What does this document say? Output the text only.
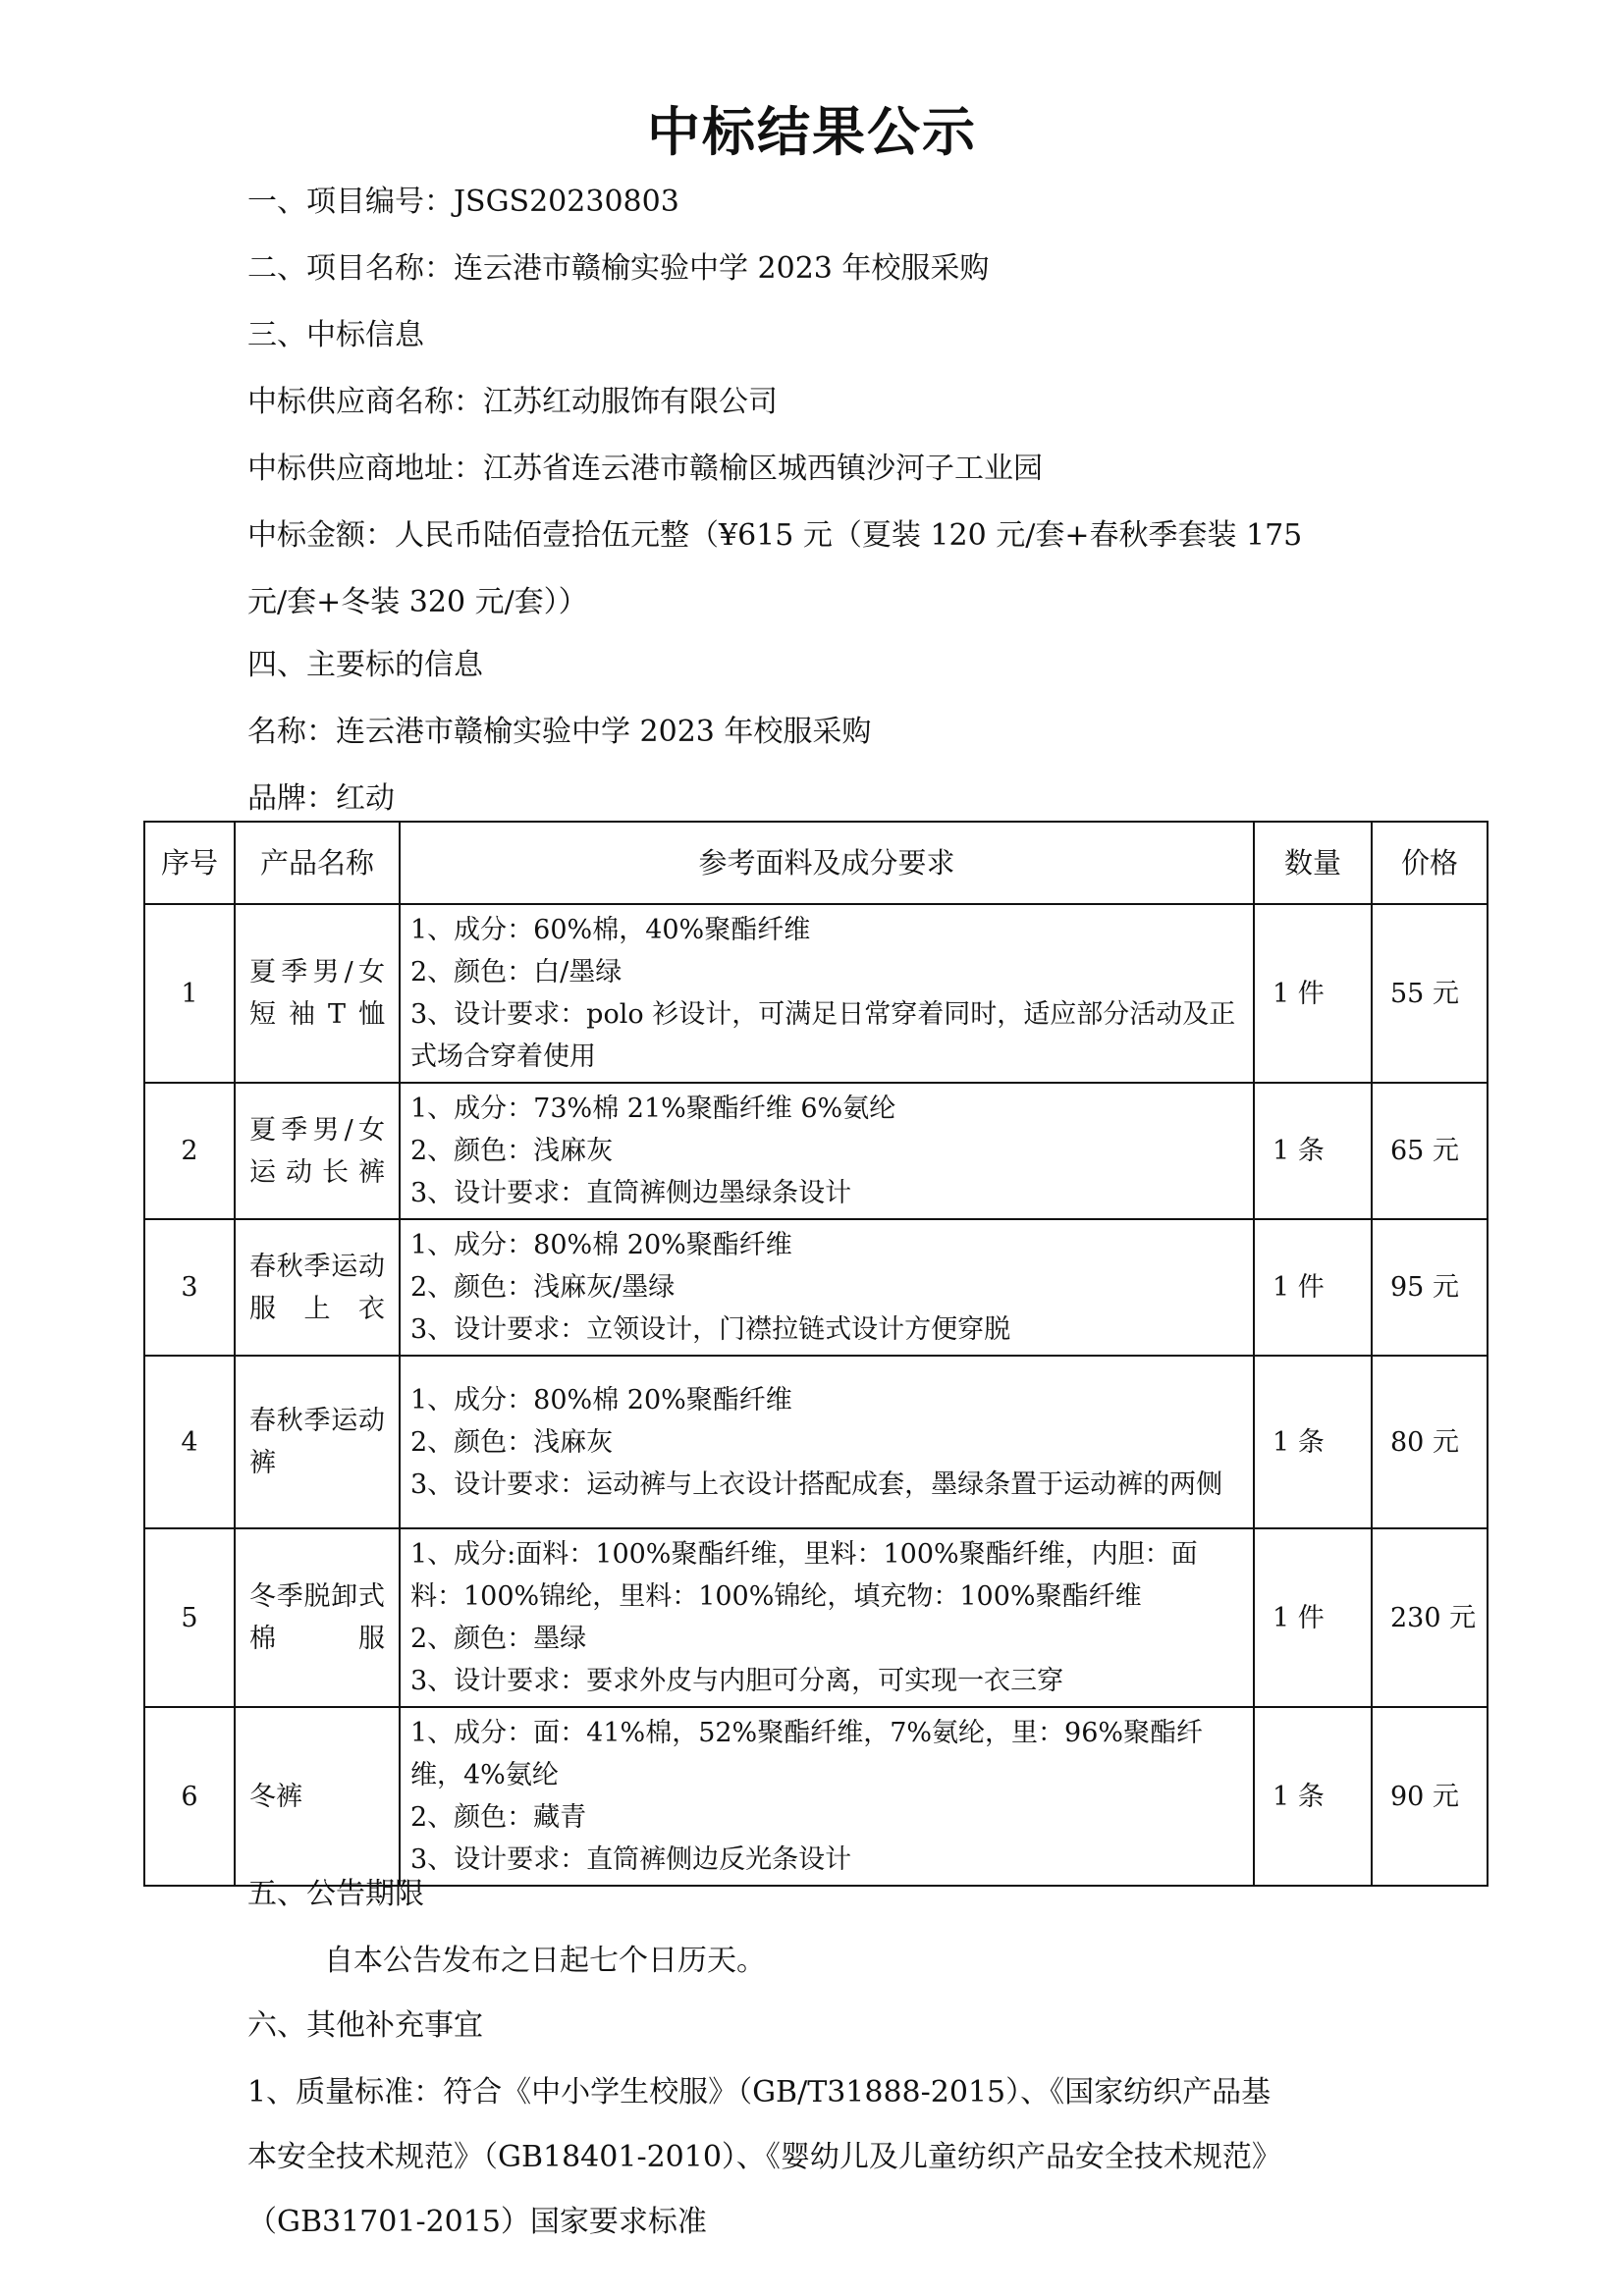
中标结果公示
一、项目编号：JSGS20230803
二、项目名称：连云港市赣榆实验中学 2023 年校服采购
三、中标信息
中标供应商名称：江苏红动服饰有限公司
中标供应商地址：江苏省连云港市赣榆区城西镇沙河子工业园
中标金额：人民币陆佰壹拾伍元整（¥615 元（夏装 120 元/套+春秋季套装 175
元/套+冬装 320 元/套））
四、主要标的信息
名称：连云港市赣榆实验中学 2023 年校服采购
品牌：红动
序号	产品名称	参考面料及成分要求	数量	价格
1	夏季男/女短袖T恤	1、成分：60%棉，40%聚酯纤维
2、颜色：白/墨绿
3、设计要求：polo 衫设计，可满足日常穿着同时，适应部分活动及正式场合穿着使用	1 件	55 元
2	夏季男/女运动长裤	1、成分：73%棉 21%聚酯纤维 6%氨纶
2、颜色：浅麻灰
3、设计要求：直筒裤侧边墨绿条设计	1 条	65 元
3	春秋季运动服上衣	1、成分：80%棉 20%聚酯纤维
2、颜色：浅麻灰/墨绿
3、设计要求：立领设计，门襟拉链式设计方便穿脱	1 件	95 元
4	春秋季运动裤	1、成分：80%棉 20%聚酯纤维
2、颜色：浅麻灰
3、设计要求：运动裤与上衣设计搭配成套，墨绿条置于运动裤的两侧	1 条	80 元
5	冬季脱卸式棉服	1、成分:面料：100%聚酯纤维，里料：100%聚酯纤维，内胆：面料：100%锦纶，里料：100%锦纶，填充物：100%聚酯纤维
2、颜色：墨绿
3、设计要求：要求外皮与内胆可分离，可实现一衣三穿	1 件	230 元
6	冬裤	1、成分：面：41%棉，52%聚酯纤维，7%氨纶，里：96%聚酯纤维，4%氨纶
2、颜色：藏青
3、设计要求：直筒裤侧边反光条设计	1 条	90 元
五、公告期限
自本公告发布之日起七个日历天。
六、其他补充事宜
1、质量标准：符合《中小学生校服》（GB/T31888-2015）、《国家纺织产品基
本安全技术规范》（GB18401-2010）、《婴幼儿及儿童纺织产品安全技术规范》
（GB31701-2015）国家要求标准
